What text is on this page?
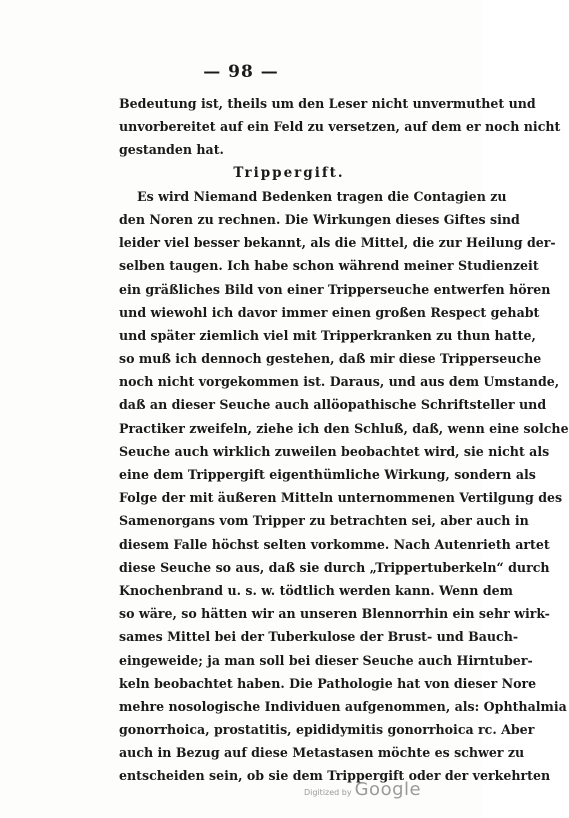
— 98 —
Bedeutung ist, theils um den Leser nicht unvermuthet und
unvorbereitet auf ein Feld zu versetzen, auf dem er noch nicht
gestanden hat.
Trippergift.
Es wird Niemand Bedenken tragen die Contagien zu
den Noren zu rechnen. Die Wirkungen dieses Giftes sind
leider viel besser bekannt, als die Mittel, die zur Heilung der-
selben taugen. Ich habe schon während meiner Studienzeit
ein gräßliches Bild von einer Tripperseuche entwerfen hören
und wiewohl ich davor immer einen großen Respect gehabt
und später ziemlich viel mit Tripperkranken zu thun hatte,
so muß ich dennoch gestehen, daß mir diese Tripperseuche
noch nicht vorgekommen ist. Daraus, und aus dem Umstande,
daß an dieser Seuche auch allöopathische Schriftsteller und
Practiker zweifeln, ziehe ich den Schluß, daß, wenn eine solche
Seuche auch wirklich zuweilen beobachtet wird, sie nicht als
eine dem Trippergift eigenthümliche Wirkung, sondern als
Folge der mit äußeren Mitteln unternommenen Vertilgung des
Samenorgans vom Tripper zu betrachten sei, aber auch in
diesem Falle höchst selten vorkomme. Nach Autenrieth artet
diese Seuche so aus, daß sie durch „Trippertuberkeln“ durch
Knochenbrand u. s. w. tödtlich werden kann. Wenn dem
so wäre, so hätten wir an unseren Blennorrhin ein sehr wirk-
sames Mittel bei der Tuberkulose der Brust- und Bauch-
eingeweide; ja man soll bei dieser Seuche auch Hirntuber-
keln beobachtet haben. Die Pathologie hat von dieser Nore
mehre nosologische Individuen aufgenommen, als: Ophthalmia
gonorrhoica, prostatitis, epididymitis gonorrhoica rc. Aber
auch in Bezug auf diese Metastasen möchte es schwer zu
entscheiden sein, ob sie dem Trippergift oder der verkehrten
Digitized by Google
